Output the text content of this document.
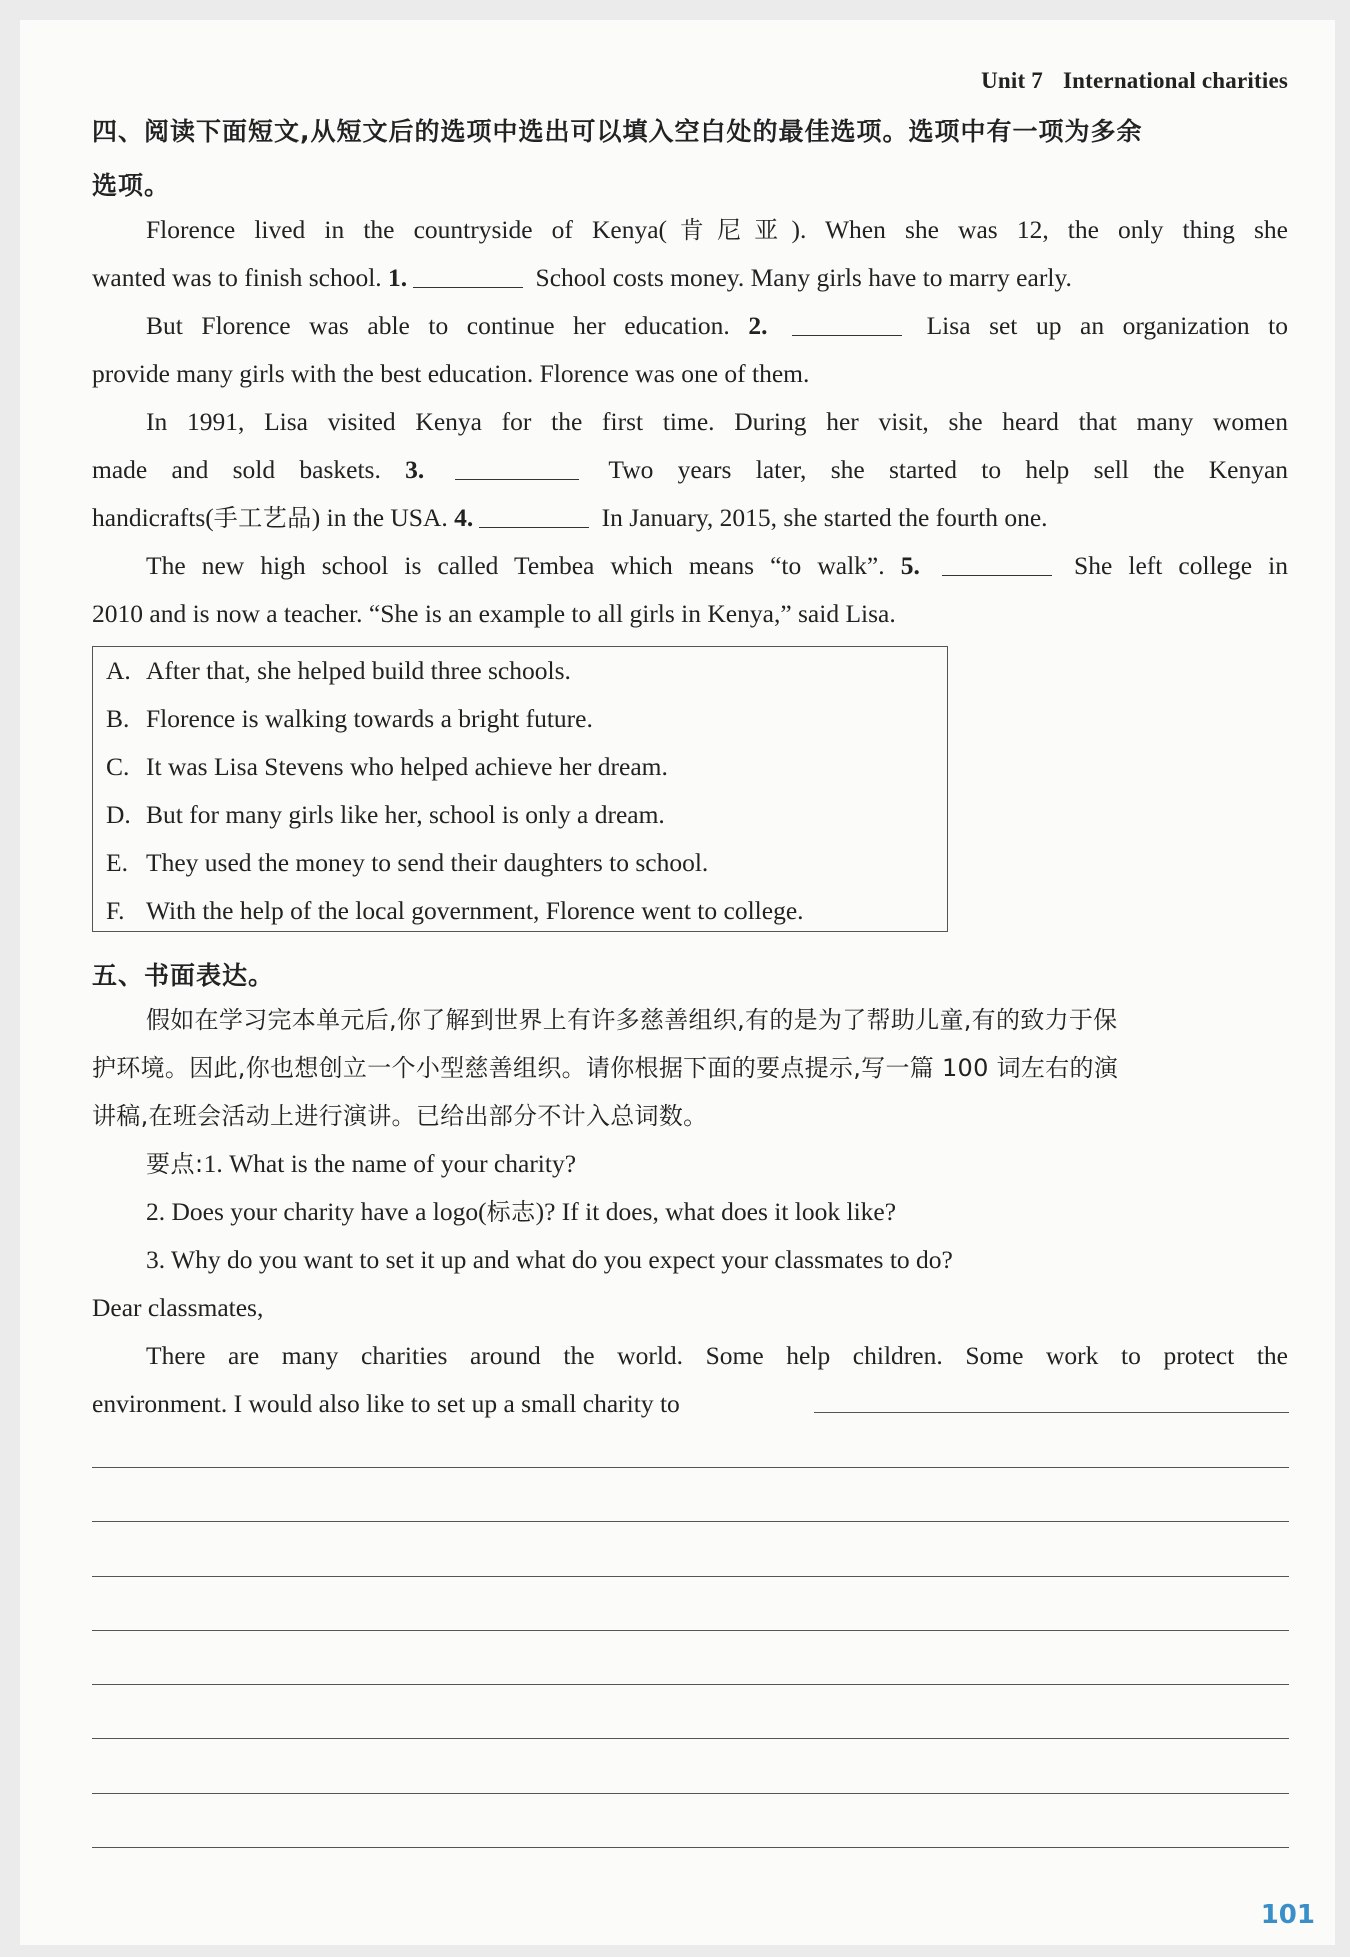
Unit 7 International charities
四、阅读下面短文,从短文后的选项中选出可以填入空白处的最佳选项。选项中有一项为多余
选项。
Florence lived in the countryside of Kenya(肯尼亚). When she was 12, the only thing she
wanted was to finish school. 1.	School costs money. Many girls have to marry early.
But Florence was able to continue her education. 2.	Lisa set up an organization to
provide many girls with the best education. Florence was one of them.
In 1991, Lisa visited Kenya for the first time. During her visit, she heard that many women
made and sold baskets. 3.	Two years later, she started to help sell the Kenyan
handicrafts(手工艺品) in the USA. 4.	In January, 2015, she started the fourth one.
The new high school is called Tembea which means “to walk”. 5.	She left college in
2010 and is now a teacher. “She is an example to all girls in Kenya,” said Lisa.
A. After that, she helped build three schools.
B. Florence is walking towards a bright future.
C. It was Lisa Stevens who helped achieve her dream.
D. But for many girls like her, school is only a dream.
E. They used the money to send their daughters to school.
F. With the help of the local government, Florence went to college.
五、书面表达。
假如在学习完本单元后,你了解到世界上有许多慈善组织,有的是为了帮助儿童,有的致力于保
护环境。因此,你也想创立一个小型慈善组织。请你根据下面的要点提示,写一篇 100 词左右的演
讲稿,在班会活动上进行演讲。已给出部分不计入总词数。
要点:1. What is the name of your charity?
2. Does your charity have a logo(标志)? If it does, what does it look like?
3. Why do you want to set it up and what do you expect your classmates to do?
Dear classmates,
There are many charities around the world. Some help children. Some work to protect the
environment. I would also like to set up a small charity to
101
